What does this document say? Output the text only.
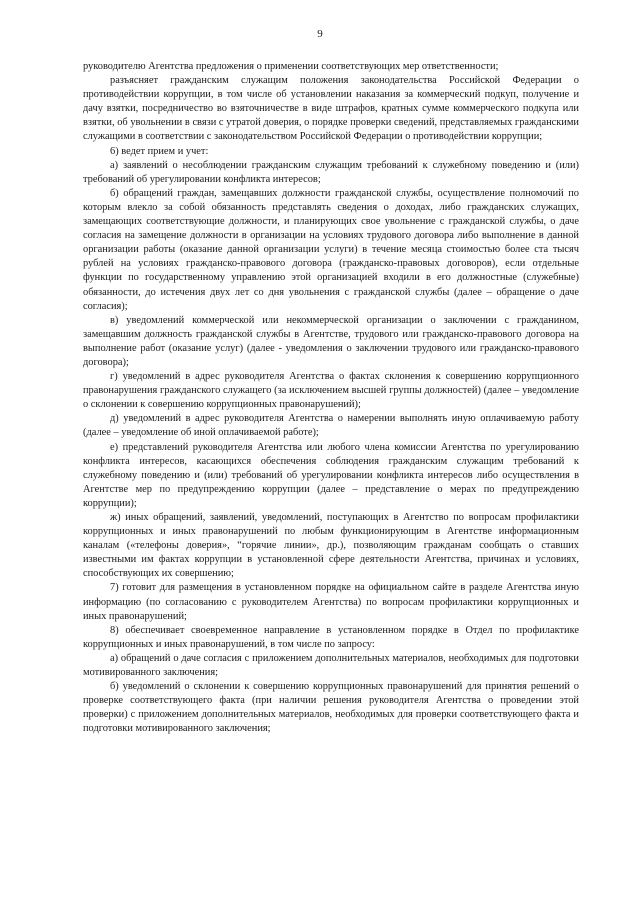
9

руководителю Агентства предложения о применении соответствующих мер ответственности;

разъясняет гражданским служащим положения законодательства Российской Федерации о противодействии коррупции, в том числе об установлении наказания за коммерческий подкуп, получение и дачу взятки, посредничество во взяточничестве в виде штрафов, кратных сумме коммерческого подкупа или взятки, об увольнении в связи с утратой доверия, о порядке проверки сведений, представляемых гражданскими служащими в соответствии с законодательством Российской Федерации о противодействии коррупции;

6) ведет прием и учет:

а) заявлений о несоблюдении гражданским служащим требований к служебному поведению и (или) требований об урегулировании конфликта интересов;

б) обращений граждан, замещавших должности гражданской службы, осуществление полномочий по которым влекло за собой обязанность представлять сведения о доходах, либо гражданских служащих, замещающих соответствующие должности, и планирующих свое увольнение с гражданской службы, о даче согласия на замещение должности в организации на условиях трудового договора либо выполнение в данной организации работы (оказание данной организации услуги) в течение месяца стоимостью более ста тысяч рублей на условиях гражданско-правового договора (гражданско-правовых договоров), если отдельные функции по государственному управлению этой организацией входили в его должностные (служебные) обязанности, до истечения двух лет со дня увольнения с гражданской службы (далее – обращение о даче согласия);

в) уведомлений коммерческой или некоммерческой организации о заключении с гражданином, замещавшим должность гражданской службы в Агентстве, трудового или гражданско-правового договора на выполнение работ (оказание услуг) (далее - уведомления о заключении трудового или гражданско-правового договора);

г) уведомлений в адрес руководителя Агентства о фактах склонения к совершению коррупционного правонарушения гражданского служащего (за исключением высшей группы должностей) (далее – уведомление о склонении к совершению коррупционных правонарушений);

д) уведомлений в адрес руководителя Агентства о намерении выполнять иную оплачиваемую работу (далее – уведомление об иной оплачиваемой работе);

е) представлений руководителя Агентства или любого члена комиссии Агентства по урегулированию конфликта интересов, касающихся обеспечения соблюдения гражданским служащим требований к служебному поведению и (или) требований об урегулировании конфликта интересов либо осуществления в Агентстве мер по предупреждению коррупции (далее – представление о мерах по предупреждению коррупции);

ж) иных обращений, заявлений, уведомлений, поступающих в Агентство по вопросам профилактики коррупционных и иных правонарушений по любым функционирующим в Агентстве информационным каналам («телефоны доверия», “горячие линии», др.), позволяющим гражданам сообщать о ставших известными им фактах коррупции в установленной сфере деятельности Агентства, причинах и условиях, способствующих их совершению;

7) готовит для размещения в установленном порядке на официальном сайте в разделе Агентства иную информацию (по согласованию с руководителем Агентства) по вопросам профилактики коррупционных и иных правонарушений;

8) обеспечивает своевременное направление в установленном порядке в Отдел по профилактике коррупционных и иных правонарушений, в том числе по запросу:

а) обращений о даче согласия с приложением дополнительных материалов, необходимых для подготовки мотивированного заключения;

б) уведомлений о склонении к совершению коррупционных правонарушений для принятия решений о проверке соответствующего факта (при наличии решения руководителя Агентства о проведении этой проверки) с приложением дополнительных материалов, необходимых для проверки соответствующего факта и подготовки мотивированного заключения;
